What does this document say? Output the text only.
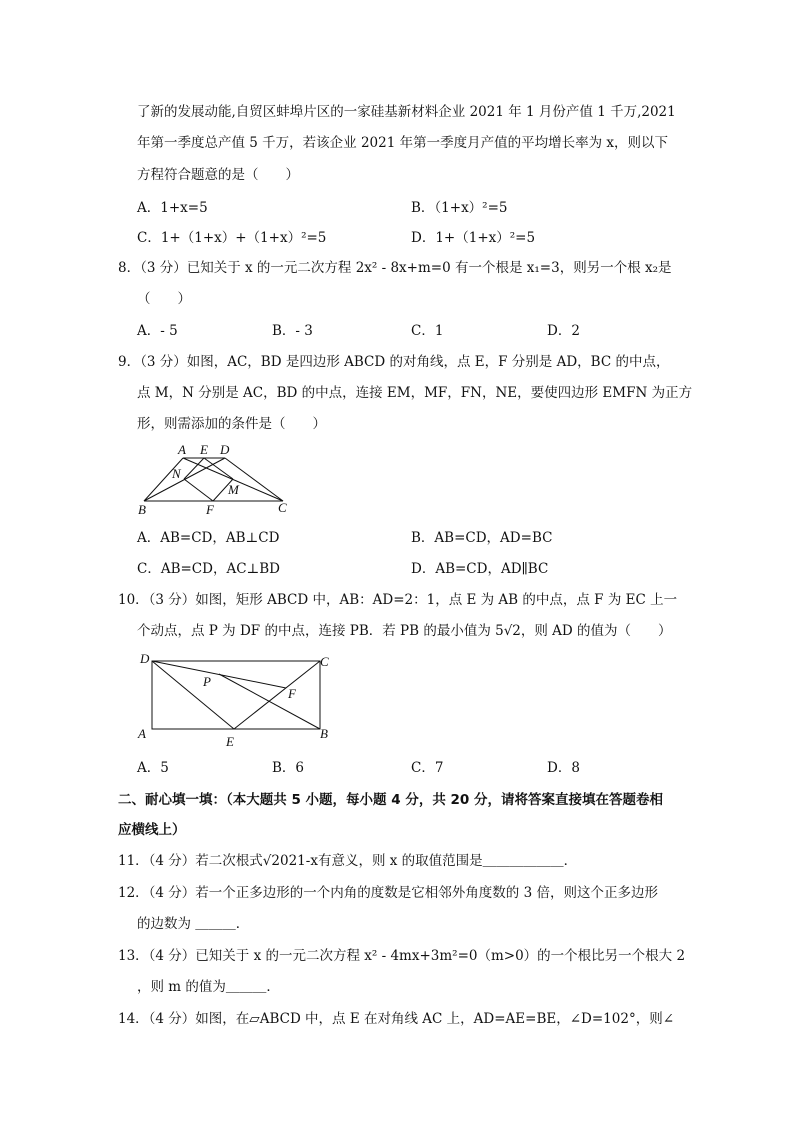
了新的发展动能,自贸区蚌埠片区的一家硅基新材料企业 2021 年 1 月份产值 1 千万,2021
年第一季度总产值 5 千万，若该企业 2021 年第一季度月产值的平均增长率为 x，则以下
方程符合题意的是（　　）
A．1+x=5	B．（1+x）²=5
C．1+（1+x）+（1+x）²=5	D．1+（1+x）²=5
8．（3 分）已知关于 x 的一元二次方程 2x² - 8x+m=0 有一个根是 x₁=3，则另一个根 x₂是
（　　）
A．- 5	B．- 3	C．1	D．2
9．（3 分）如图，AC，BD 是四边形 ABCD 的对角线，点 E，F 分别是 AD，BC 的中点，
点 M，N 分别是 AC，BD 的中点，连接 EM，MF，FN，NE，要使四边形 EMFN 为正方
形，则需添加的条件是（　　）
A E D
N
M
B	F	C
A．AB=CD，AB⊥CD	B．AB=CD，AD=BC
C．AB=CD，AC⊥BD	D．AB=CD，AD∥BC
10．（3 分）如图，矩形 ABCD 中，AB：AD=2：1，点 E 为 AB 的中点，点 F 为 EC 上一
个动点，点 P 为 DF 的中点，连接 PB．若 PB 的最小值为 5√2，则 AD 的值为（　　）
D	C
P
F
A
E
B
A．5	B．6	C．7	D．8
二、耐心填一填：（本大题共 5 小题，每小题 4 分，共 20 分，请将答案直接填在答题卷相
应横线上）
11．（4 分）若二次根式√2021-x有意义，则 x 的取值范围是＿＿＿＿＿＿．
12．（4 分）若一个正多边形的一个内角的度数是它相邻外角度数的 3 倍，则这个正多边形
的边数为 ＿＿＿．
13．（4 分）已知关于 x 的一元二次方程 x² - 4mx+3m²=0（m>0）的一个根比另一个根大 2
，则 m 的值为＿＿＿．
14．（4 分）如图，在▱ABCD 中，点 E 在对角线 AC 上，AD=AE=BE，∠D=102°，则∠
